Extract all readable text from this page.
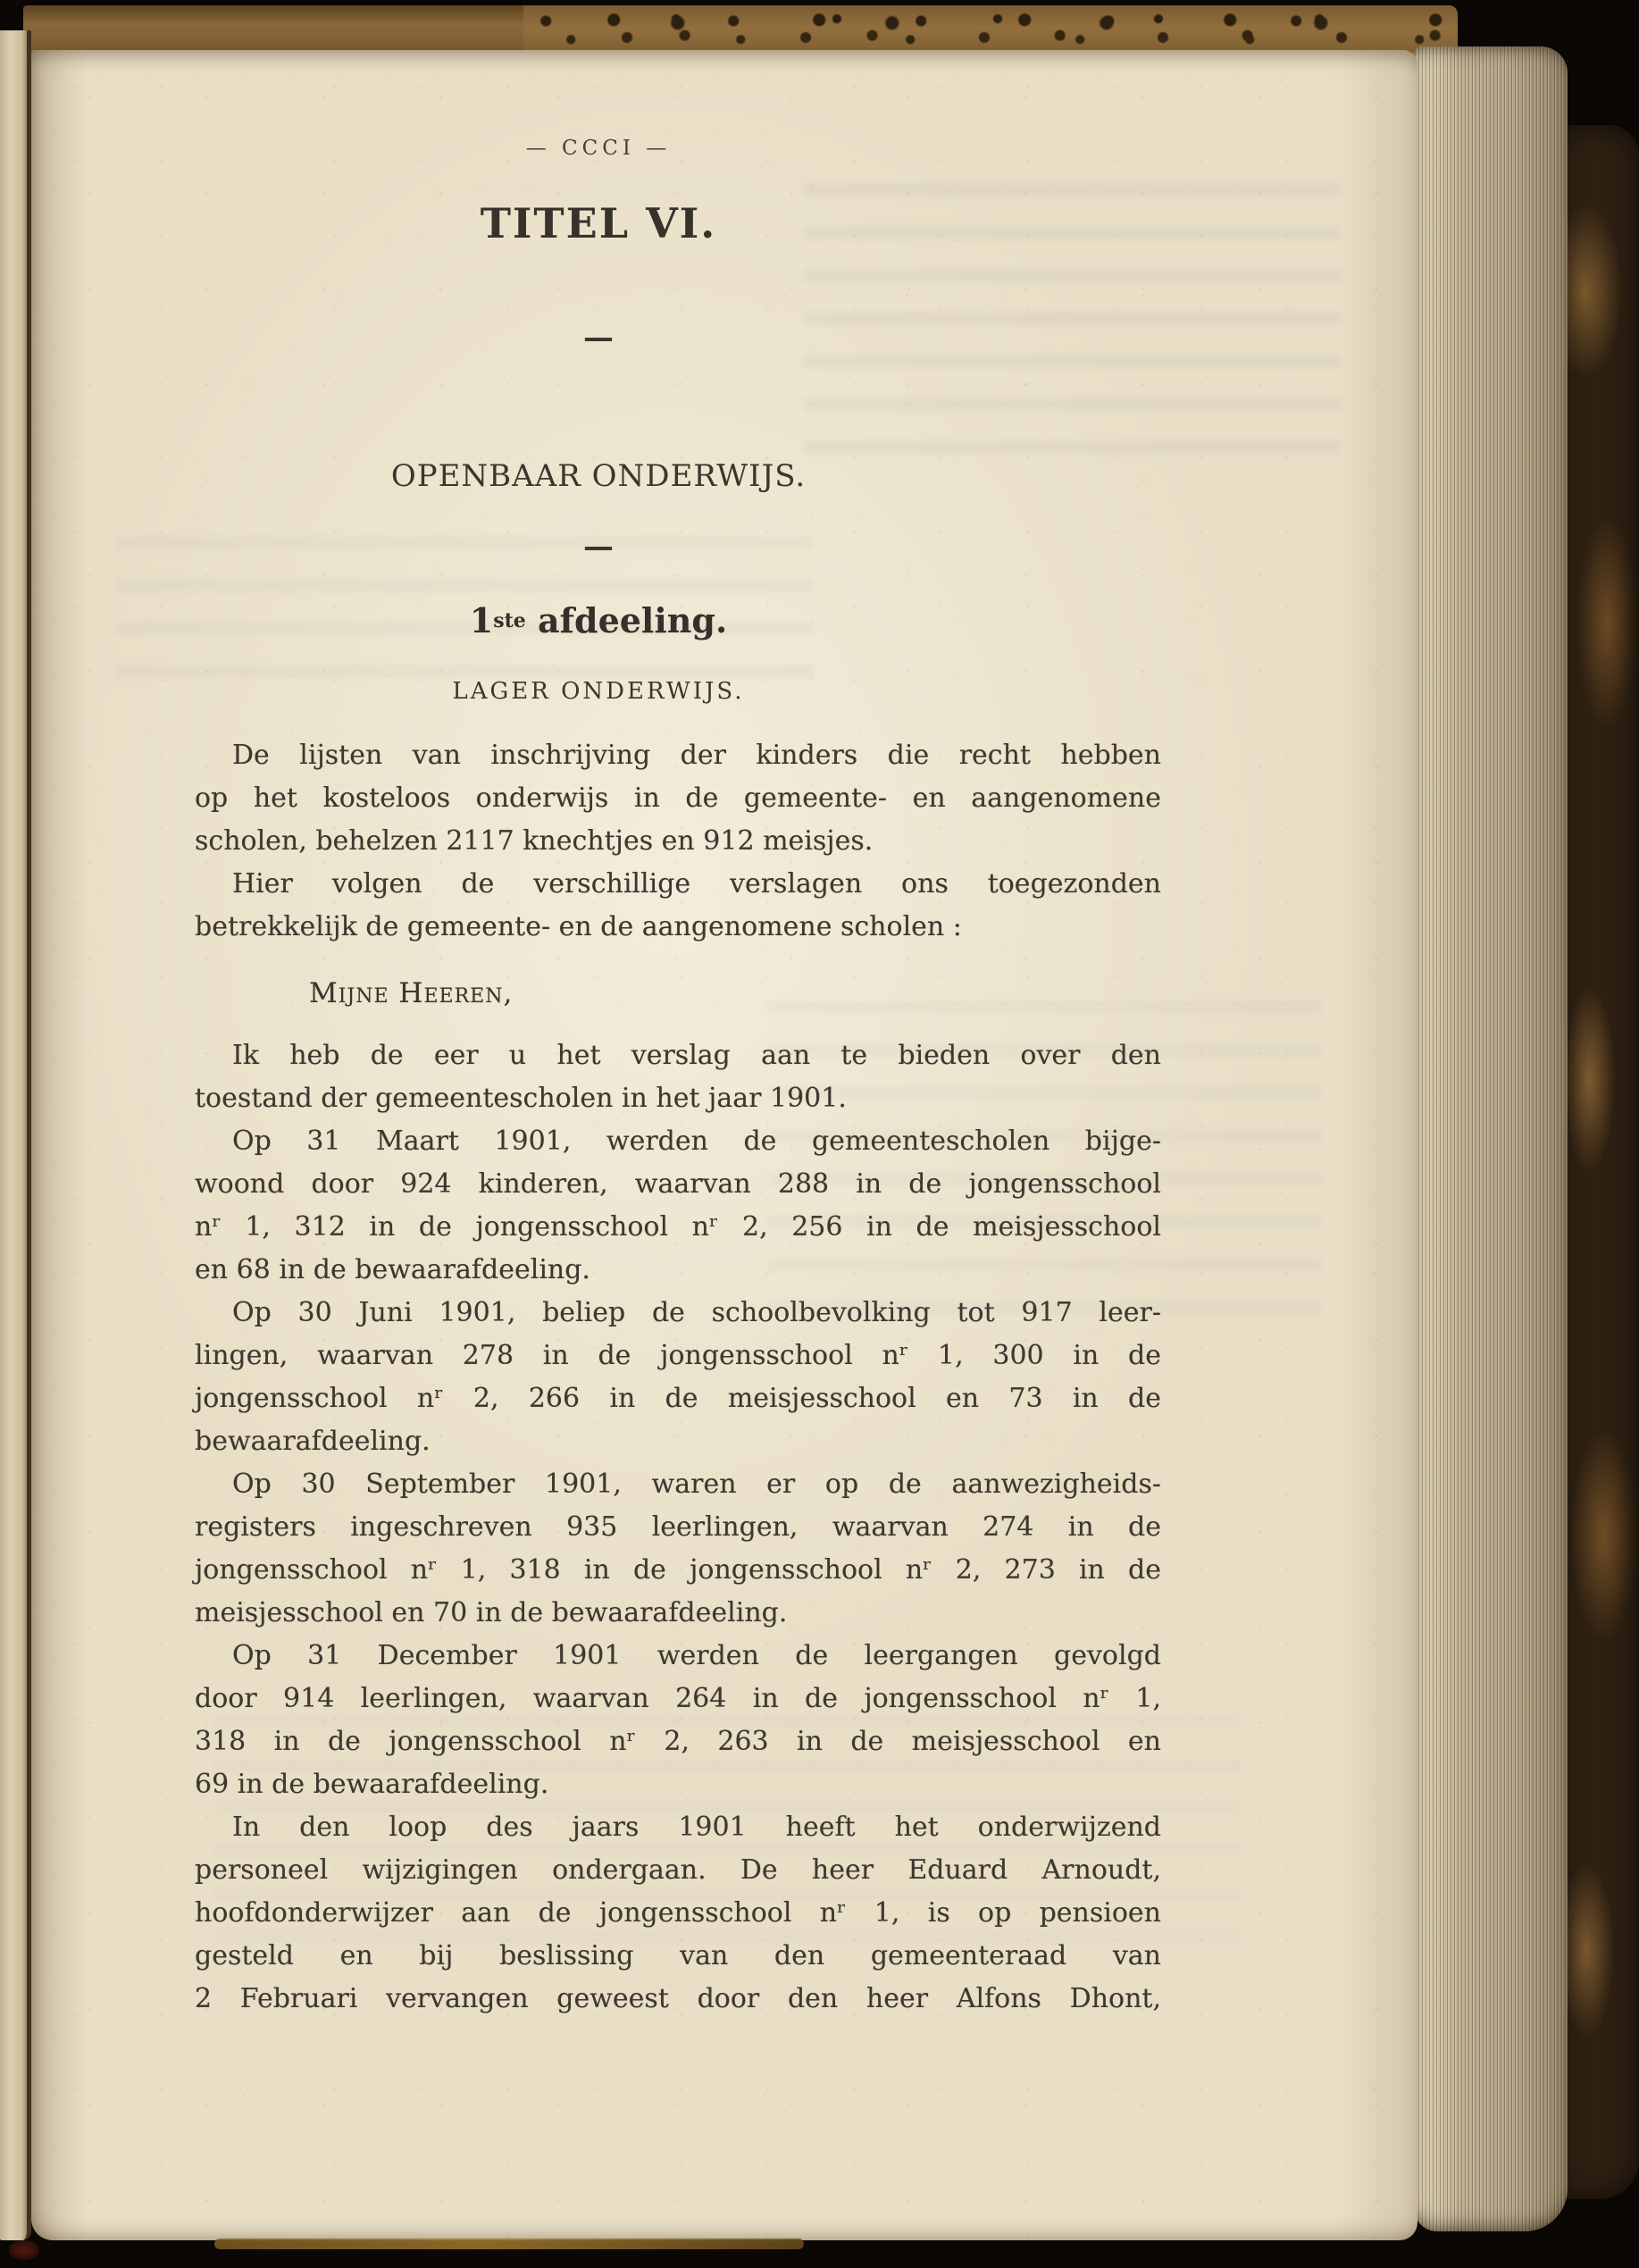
— CCCI —
TITEL VI.
—
OPENBAAR ONDERWIJS.
—
1ste afdeeling.
LAGER ONDERWIJS.
De lijsten van inschrijving der kinders die recht hebben
op het kosteloos onderwijs in de gemeente- en aangenomene
scholen, behelzen 2117 knechtjes en 912 meisjes.
Hier volgen de verschillige verslagen ons toegezonden
betrekkelijk de gemeente- en de aangenomene scholen :
Mijne Heeren,
Ik heb de eer u het verslag aan te bieden over den
toestand der gemeentescholen in het jaar 1901.
Op 31 Maart 1901, werden de gemeentescholen bijge-
woond door 924 kinderen, waarvan 288 in de jongensschool
nʳ 1, 312 in de jongensschool nʳ 2, 256 in de meisjesschool
en 68 in de bewaarafdeeling.
Op 30 Juni 1901, beliep de schoolbevolking tot 917 leer-
lingen, waarvan 278 in de jongensschool nʳ 1, 300 in de
jongensschool nʳ 2, 266 in de meisjesschool en 73 in de
bewaarafdeeling.
Op 30 September 1901, waren er op de aanwezigheids-
registers ingeschreven 935 leerlingen, waarvan 274 in de
jongensschool nʳ 1, 318 in de jongensschool nʳ 2, 273 in de
meisjesschool en 70 in de bewaarafdeeling.
Op 31 December 1901 werden de leergangen gevolgd
door 914 leerlingen, waarvan 264 in de jongensschool nʳ 1,
318 in de jongensschool nʳ 2, 263 in de meisjesschool en
69 in de bewaarafdeeling.
In den loop des jaars 1901 heeft het onderwijzend
personeel wijzigingen ondergaan. De heer Eduard Arnoudt,
hoofdonderwijzer aan de jongensschool nʳ 1, is op pensioen
gesteld en bij beslissing van den gemeenteraad van
2 Februari vervangen geweest door den heer Alfons Dhont,
